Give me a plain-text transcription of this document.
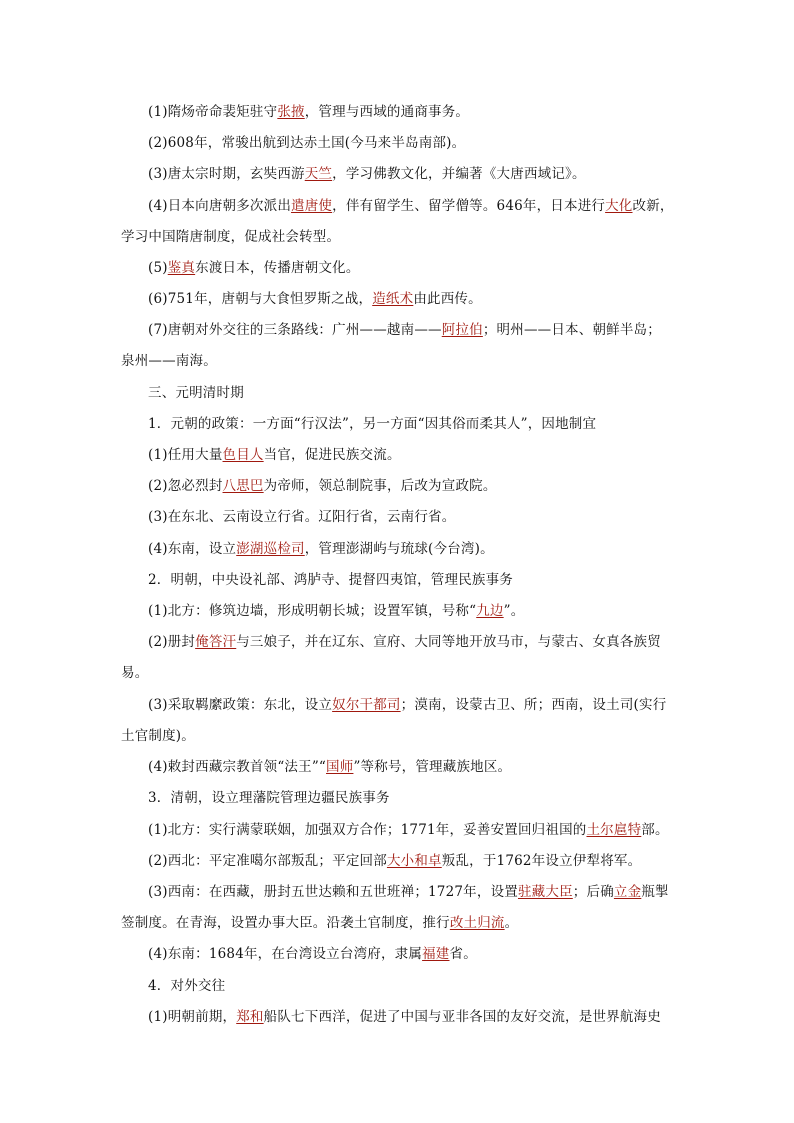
(1)隋炀帝命裴矩驻守张掖，管理与西域的通商事务。
(2)608年，常骏出航到达赤土国(今马来半岛南部)。
(3)唐太宗时期，玄奘西游天竺，学习佛教文化，并编著《大唐西域记》。
(4)日本向唐朝多次派出遣唐使，伴有留学生、留学僧等。646年，日本进行大化改新，
学习中国隋唐制度，促成社会转型。
(5)鉴真东渡日本，传播唐朝文化。
(6)751年，唐朝与大食怛罗斯之战，造纸术由此西传。
(7)唐朝对外交往的三条路线：广州——越南——阿拉伯；明州——日本、朝鲜半岛；
泉州——南海。
三、元明清时期
1．元朝的政策：一方面“行汉法”，另一方面“因其俗而柔其人”，因地制宜
(1)任用大量色目人当官，促进民族交流。
(2)忽必烈封八思巴为帝师，领总制院事，后改为宣政院。
(3)在东北、云南设立行省。辽阳行省，云南行省。
(4)东南，设立澎湖巡检司，管理澎湖屿与琉球(今台湾)。
2．明朝，中央设礼部、鸿胪寺、提督四夷馆，管理民族事务
(1)北方：修筑边墙，形成明朝长城；设置军镇，号称“九边”。
(2)册封俺答汗与三娘子，并在辽东、宣府、大同等地开放马市，与蒙古、女真各族贸
易。
(3)采取羁縻政策：东北，设立奴尔干都司；漠南，设蒙古卫、所；西南，设土司(实行
土官制度)。
(4)敕封西藏宗教首领“法王”“国师”等称号，管理藏族地区。
3．清朝，设立理藩院管理边疆民族事务
(1)北方：实行满蒙联姻，加强双方合作；1771年，妥善安置回归祖国的土尔扈特部。
(2)西北：平定准噶尔部叛乱；平定回部大小和卓叛乱，于1762年设立伊犁将军。
(3)西南：在西藏，册封五世达赖和五世班禅；1727年，设置驻藏大臣；后确立金瓶掣
签制度。在青海，设置办事大臣。沿袭土官制度，推行改土归流。
(4)东南：1684年，在台湾设立台湾府，隶属福建省。
4．对外交往
(1)明朝前期，郑和船队七下西洋，促进了中国与亚非各国的友好交流，是世界航海史
